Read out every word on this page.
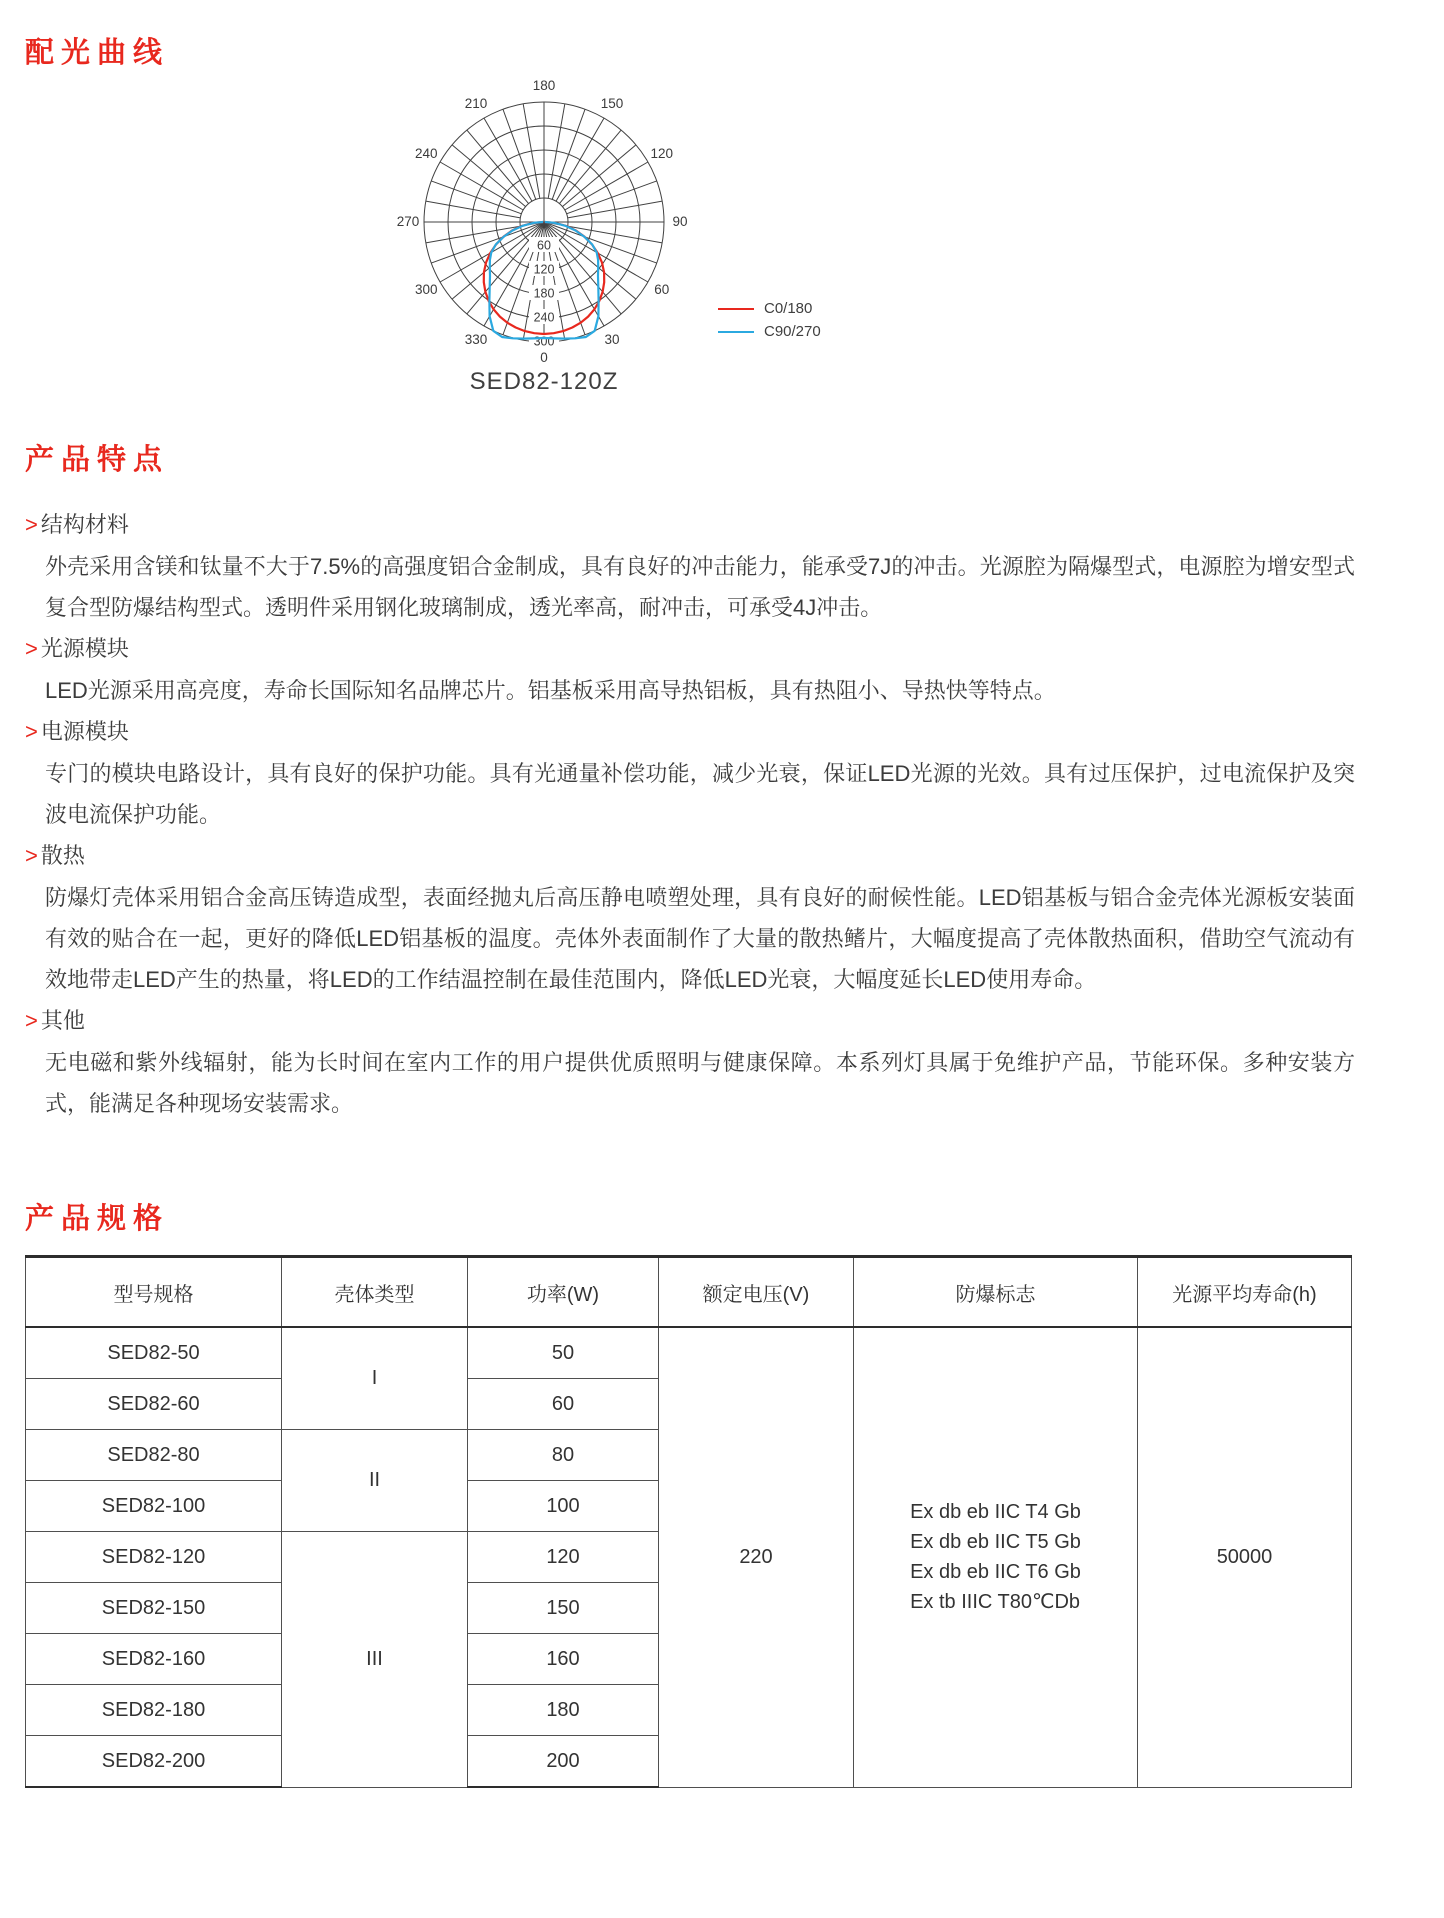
配光曲线
60
120
180
240
300
0
30
60
90
120
150
180
210
240
270
300
330
C0/180
C90/270
SED82-120Z
产品特点
> 结构材料

外壳采用含镁和钛量不大于7.5%的高强度铝合金制成，具有良好的冲击能力，能承受7J的冲击。光源腔为隔爆型式，电源腔为增安型式复合型防爆结构型式。透明件采用钢化玻璃制成，透光率高，耐冲击，可承受4J冲击。

> 光源模块

LED光源采用高亮度，寿命长国际知名品牌芯片。铝基板采用高导热铝板，具有热阻小、导热快等特点。

> 电源模块

专门的模块电路设计，具有良好的保护功能。具有光通量补偿功能，减少光衰，保证LED光源的光效。具有过压保护，过电流保护及突波电流保护功能。

> 散热

防爆灯壳体采用铝合金高压铸造成型，表面经抛丸后高压静电喷塑处理，具有良好的耐候性能。LED铝基板与铝合金壳体光源板安装面有效的贴合在一起，更好的降低LED铝基板的温度。壳体外表面制作了大量的散热鳍片，大幅度提高了壳体散热面积，借助空气流动有效地带走LED产生的热量，将LED的工作结温控制在最佳范围内，降低LED光衰，大幅度延长LED使用寿命。

> 其他

无电磁和紫外线辐射，能为长时间在室内工作的用户提供优质照明与健康保障。本系列灯具属于免维护产品，节能环保。多种安装方式，能满足各种现场安装需求。

产品规格
型号规格	壳体类型	功率(W)	额定电压(V)	防爆标志	光源平均寿命(h)
SED82-50	I	50	220	Ex db eb IIC T4 Gb
Ex db eb IIC T5 Gb
Ex db eb IIC T6 Gb
Ex tb IIIC T80℃Db	50000
SED82-60		60			
SED82-80	II	80			
SED82-100		100			
SED82-120	III	120			
SED82-150		150			
SED82-160		160			
SED82-180		180			
SED82-200		200			
